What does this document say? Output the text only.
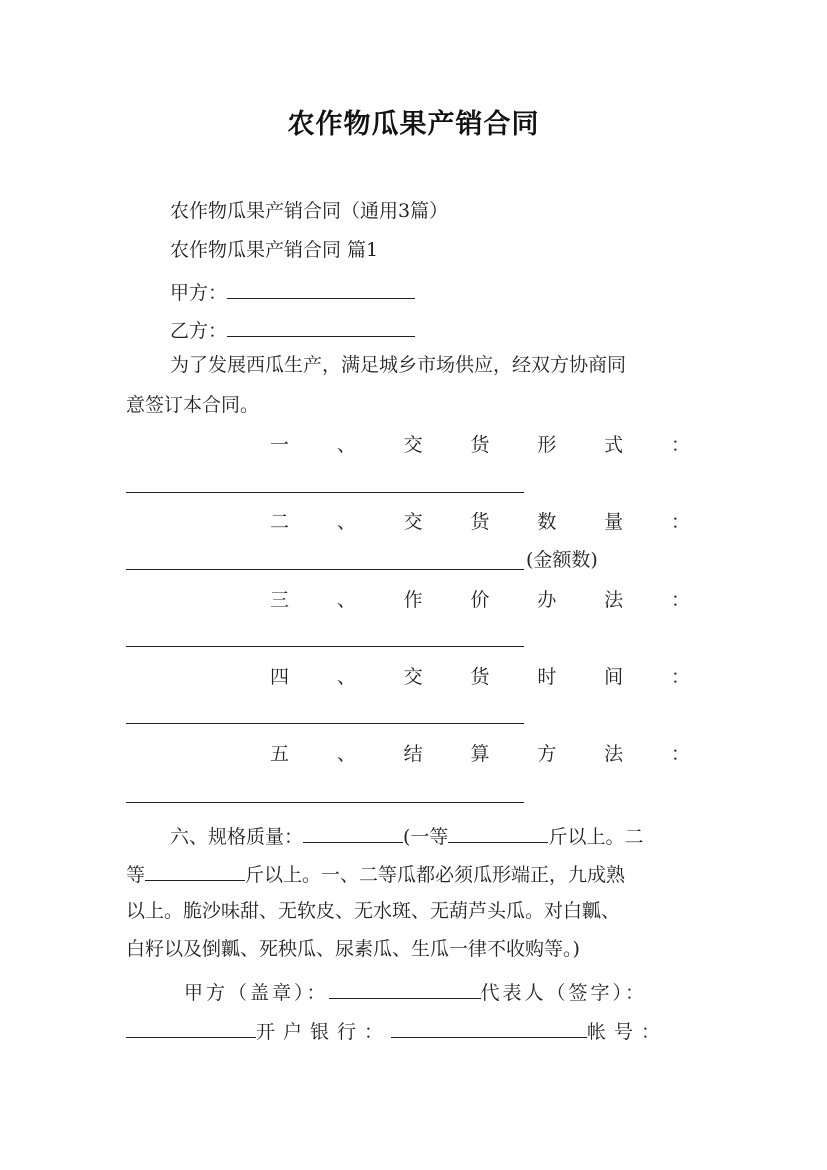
农作物瓜果产销合同
农作物瓜果产销合同（通用3篇）
农作物瓜果产销合同 篇1
甲方：
乙方：
为了发展西瓜生产，满足城乡市场供应，经双方协商同
意签订本合同。
一	、	交	货	形	式	：
二	、	交	货	数	量	：
(金额数)
三	、	作	价	办	法	：
四	、	交	货	时	间	：
五	、	结	算	方	法	：
六、规格质量：	(一等	斤以上。二
等	斤以上。一、二等瓜都必须瓜形端正，九成熟
以上。脆沙味甜、无软皮、无水斑、无葫芦头瓜。对白瓤、
白籽以及倒瓤、死秧瓜、尿素瓜、生瓜一律不收购等。)
甲方（盖章）：	代表人（签字）：
开户银行：	帐号：
